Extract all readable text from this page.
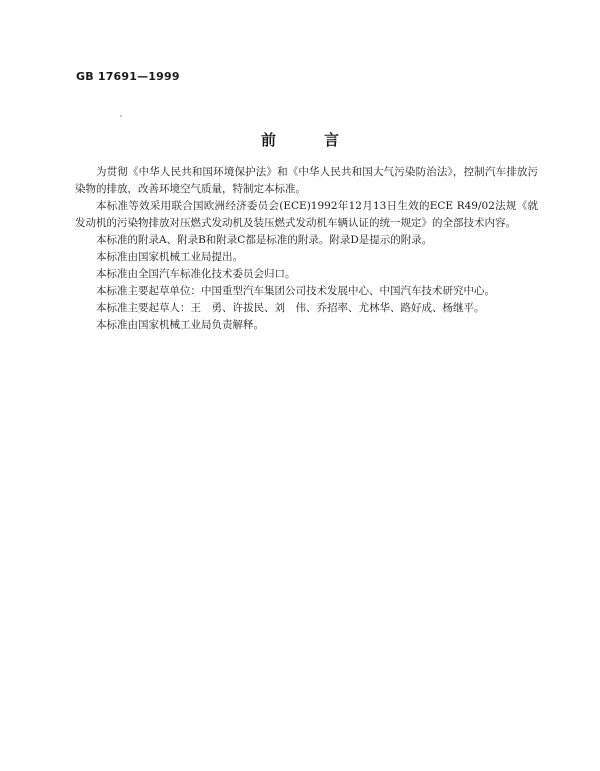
GB 17691—1999
前言

为贯彻《中华人民共和国环境保护法》和《中华人民共和国大气污染防治法》，控制汽车排放污染物的排放，改善环境空气质量，特制定本标准。

本标准等效采用联合国欧洲经济委员会(ECE)1992年12月13日生效的ECE R49/02法规《就发动机的污染物排放对压燃式发动机及装压燃式发动机车辆认证的统一规定》的全部技术内容。

本标准的附录A、附录B和附录C都是标准的附录。附录D是提示的附录。

本标准由国家机械工业局提出。

本标准由全国汽车标准化技术委员会归口。

本标准主要起草单位：中国重型汽车集团公司技术发展中心、中国汽车技术研究中心。

本标准主要起草人：王　勇、许拔民、刘　伟、乔招率、尤林华、路好成、杨继平。

本标准由国家机械工业局负责解释。
